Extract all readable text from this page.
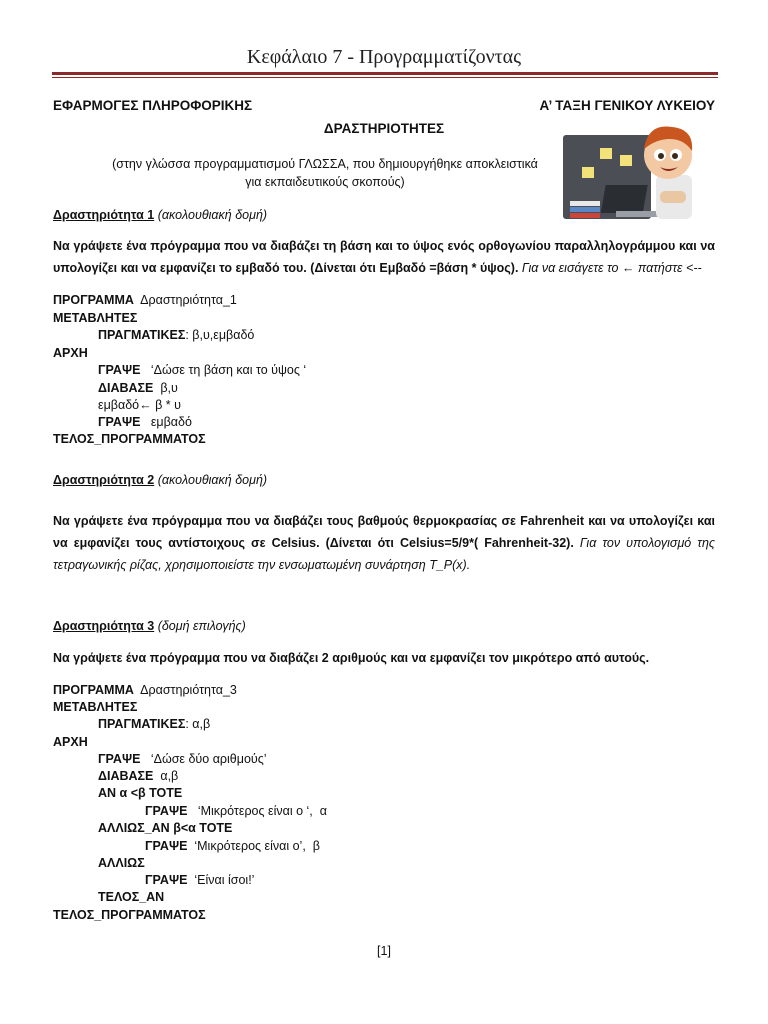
Κεφάλαιο 7 - Προγραμματίζοντας
ΕΦΑΡΜΟΓΕΣ ΠΛΗΡΟΦΟΡΙΚΗΣ	Α’ ΤΑΞΗ ΓΕΝΙΚΟΥ ΛΥΚΕΙΟΥ
ΔΡΑΣΤΗΡΙΟΤΗΤΕΣ
(στην γλώσσα προγραμματισμού ΓΛΩΣΣΑ, που δημιουργήθηκε αποκλειστικά
για εκπαιδευτικούς σκοπούς)
Δραστηριότητα 1 (ακολουθιακή δομή)
Να γράψετε ένα πρόγραμμα που να διαβάζει τη βάση και το ύψος ενός ορθογωνίου παραλληλογράμμου και να υπολογίζει και να εμφανίζει το εμβαδό του. (Δίνεται ότι Εμβαδό =βάση * ύψος). Για να εισάγετε το ← πατήστε <--
ΠΡΟΓΡΑΜΜΑ  Δραστηριότητα_1
ΜΕΤΑΒΛΗΤΕΣ
ΠΡΑΓΜΑΤΙΚΕΣ: β,υ,εμβαδό
ΑΡΧΗ
ΓΡΑΨΕ   ‘Δώσε τη βάση και το ύψος ‘
ΔΙΑΒΑΣΕ  β,υ
εμβαδό← β * υ
ΓΡΑΨΕ   εμβαδό
ΤΕΛΟΣ_ΠΡΟΓΡΑΜΜΑΤΟΣ
Δραστηριότητα 2 (ακολουθιακή δομή)
Να γράψετε ένα πρόγραμμα που να διαβάζει τους βαθμούς θερμοκρασίας σε Fahrenheit και να υπολογίζει και να εμφανίζει τους αντίστοιχους σε Celsius. (Δίνεται ότι Celsius=5/9*( Fahrenheit-32). Για τον υπολογισμό της τετραγωνικής ρίζας, χρησιμοποιείστε την ενσωματωμένη συνάρτηση Τ_Ρ(x).
Δραστηριότητα 3 (δομή επιλογής)
Να γράψετε ένα πρόγραμμα που να διαβάζει 2 αριθμούς και να εμφανίζει τον μικρότερο από αυτούς.
ΠΡΟΓΡΑΜΜΑ  Δραστηριότητα_3
ΜΕΤΑΒΛΗΤΕΣ
ΠΡΑΓΜΑΤΙΚΕΣ: α,β
ΑΡΧΗ
ΓΡΑΨΕ   ‘Δώσε δύο αριθμούς’
ΔΙΑΒΑΣΕ  α,β
ΑΝ α <β ΤΟΤΕ
ΓΡΑΨΕ   ‘Μικρότερος είναι ο ‘,  α
ΑΛΛΙΩΣ_ΑΝ β<α ΤΟΤΕ
ΓΡΑΨΕ  ‘Μικρότερος είναι ο’,  β
ΑΛΛΙΩΣ
ΓΡΑΨΕ  ‘Είναι ίσοι!’
ΤΕΛΟΣ_ΑΝ
ΤΕΛΟΣ_ΠΡΟΓΡΑΜΜΑΤΟΣ
[1]
